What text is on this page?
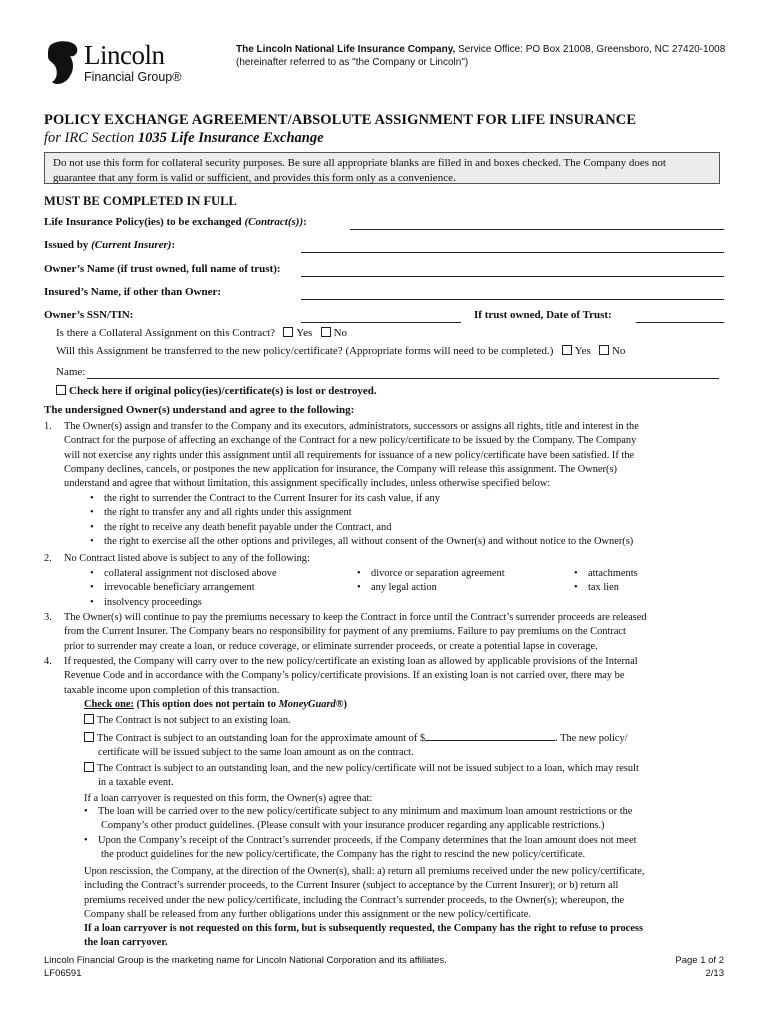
Lincoln
Financial Group®
The Lincoln National Life Insurance Company, Service Office: PO Box 21008, Greensboro, NC 27420-1008
(hereinafter referred to as "the Company or Lincoln")
POLICY EXCHANGE AGREEMENT/ABSOLUTE ASSIGNMENT FOR LIFE INSURANCE
for IRC Section 1035 Life Insurance Exchange
Do not use this form for collateral security purposes. Be sure all appropriate blanks are filled in and boxes checked. The Company does not guarantee that any form is valid or sufficient, and provides this form only as a convenience.
MUST BE COMPLETED IN FULL
Life Insurance Policy(ies) to be exchanged (Contract(s)):
Issued by (Current Insurer):
Owner’s Name (if trust owned, full name of trust):
Insured’s Name, if other than Owner:
Owner’s SSN/TIN:	If trust owned, Date of Trust:
Is there a Collateral Assignment on this Contract? Yes No
Will this Assignment be transferred to the new policy/certificate? (Appropriate forms will need to be completed.) Yes No
Name:
Check here if original policy(ies)/certificate(s) is lost or destroyed.
The undersigned Owner(s) understand and agree to the following:
1. The Owner(s) assign and transfer to the Company and its executors, administrators, successors or assigns all rights, title and interest in the
Contract for the purpose of affecting an exchange of the Contract for a new policy/certificate to be issued by the Company. The Company
will not exercise any rights under this assignment until all requirements for issuance of a new policy/certificate have been satisfied. If the
Company declines, cancels, or postpones the new application for insurance, the Company will release this assignment. The Owner(s)
understand and agree that without limitation, this assignment specifically includes, unless otherwise specified below:
•    the right to surrender the Contract to the Current Insurer for its cash value, if any
•    the right to transfer any and all rights under this assignment
•    the right to receive any death benefit payable under the Contract, and
•    the right to exercise all the other options and privileges, all without consent of the Owner(s) and without notice to the Owner(s)
2. No Contract listed above is subject to any of the following:
•    collateral assignment not disclosed above
•    irrevocable beneficiary arrangement
•    insolvency proceedings
•    divorce or separation agreement
•    any legal action
•    attachments
•    tax lien
3. The Owner(s) will continue to pay the premiums necessary to keep the Contract in force until the Contract’s surrender proceeds are released
from the Current Insurer. The Company bears no responsibility for payment of any premiums. Failure to pay premiums on the Contract
prior to surrender may create a loan, or reduce coverage, or eliminate surrender proceeds, or create a potential lapse in coverage.
4. If requested, the Company will carry over to the new policy/certificate an existing loan as allowed by applicable provisions of the Internal
Revenue Code and in accordance with the Company’s policy/certificate provisions. If an existing loan is not carried over, there may be
taxable income upon completion of this transaction.
Check one: (This option does not pertain to MoneyGuard®)
The Contract is not subject to an existing loan.
The Contract is subject to an outstanding loan for the approximate amount of $	. The new policy/
certificate will be issued subject to the same loan amount as on the contract.
The Contract is subject to an outstanding loan, and the new policy/certificate will not be issued subject to a loan, which may result
in a taxable event.
If a loan carryover is requested on this form, the Owner(s) agree that:
•    The loan will be carried over to the new policy/certificate subject to any minimum and maximum loan amount restrictions or the
Company’s other product guidelines. (Please consult with your insurance producer regarding any applicable restrictions.)
•    Upon the Company’s receipt of the Contract’s surrender proceeds, if the Company determines that the loan amount does not meet
the product guidelines for the new policy/certificate, the Company has the right to rescind the new policy/certificate.
Upon rescission, the Company, at the direction of the Owner(s), shall: a) return all premiums received under the new policy/certificate,
including the Contract’s surrender proceeds, to the Current Insurer (subject to acceptance by the Current Insurer); or b) return all
premiums received under the new policy/certificate, including the Contract’s surrender proceeds, to the Owner(s); whereupon, the
Company shall be released from any further obligations under this assignment or the new policy/certificate.
If a loan carryover is not requested on this form, but is subsequently requested, the Company has the right to refuse to process
the loan carryover.
Lincoln Financial Group is the marketing name for Lincoln National Corporation and its affiliates.
LF06591
Page 1 of 2
2/13
